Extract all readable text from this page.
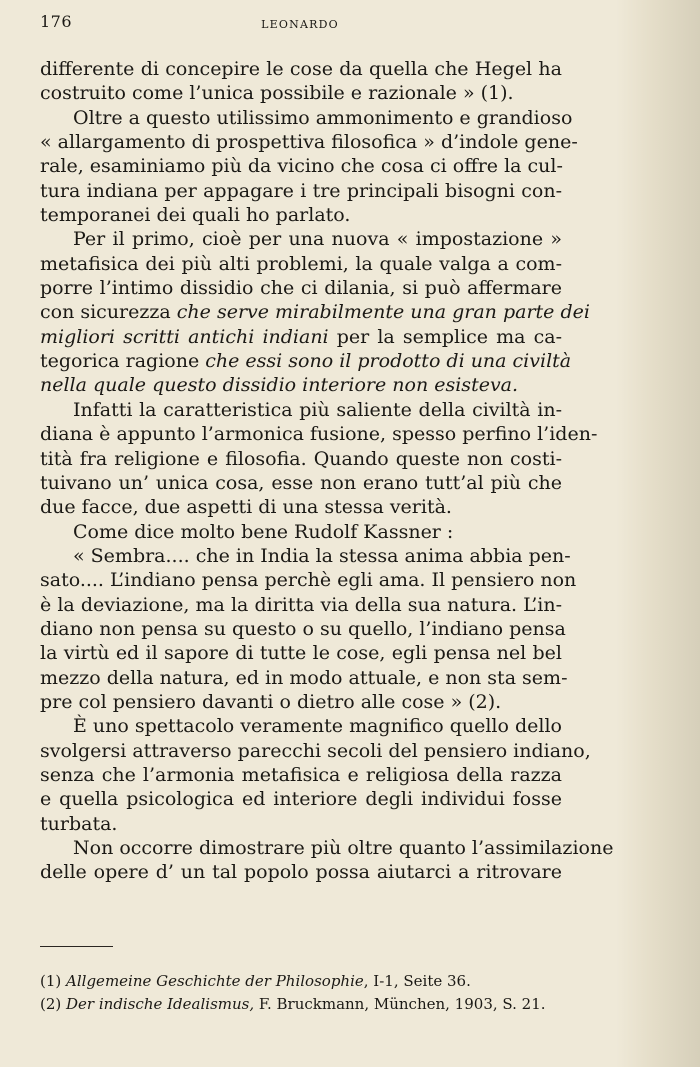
176	LEONARDO
differente di concepire le cose da quella che Hegel ha
costruito come l’unica possibile e razionale » (1).
Oltre a questo utilissimo ammonimento e grandioso
« allargamento di prospettiva filosofica » d’indole gene-
rale, esaminiamo più da vicino che cosa ci offre la cul-
tura indiana per appagare i tre principali bisogni con-
temporanei dei quali ho parlato.
Per il primo, cioè per una nuova « impostazione »
metafisica dei più alti problemi, la quale valga a com-
porre l’intimo dissidio che ci dilania, si può affermare
con sicurezza che serve mirabilmente una gran parte dei
migliori scritti antichi indiani per la semplice ma ca-
tegorica ragione che essi sono il prodotto di una civiltà
nella quale questo dissidio interiore non esisteva.
Infatti la caratteristica più saliente della civiltà in-
diana è appunto l’armonica fusione, spesso perfino l’iden-
tità fra religione e filosofia. Quando queste non costi-
tuivano un’ unica cosa, esse non erano tutt’al più che
due facce, due aspetti di una stessa verità.
Come dice molto bene Rudolf Kassner :
« Sembra.... che in India la stessa anima abbia pen-
sato.... L’indiano pensa perchè egli ama. Il pensiero non
è la deviazione, ma la diritta via della sua natura. L’in-
diano non pensa su questo o su quello, l’indiano pensa
la virtù ed il sapore di tutte le cose, egli pensa nel bel
mezzo della natura, ed in modo attuale, e non sta sem-
pre col pensiero davanti o dietro alle cose » (2).
È uno spettacolo veramente magnifico quello dello
svolgersi attraverso parecchi secoli del pensiero indiano,
senza che l’armonia metafisica e religiosa della razza
e quella psicologica ed interiore degli individui fosse
turbata.
Non occorre dimostrare più oltre quanto l’assimilazione
delle opere d’ un tal popolo possa aiutarci a ritrovare
(1) Allgemeine Geschichte der Philosophie, I-1, Seite 36.
(2) Der indische Idealismus, F. Bruckmann, München, 1903, S. 21.
